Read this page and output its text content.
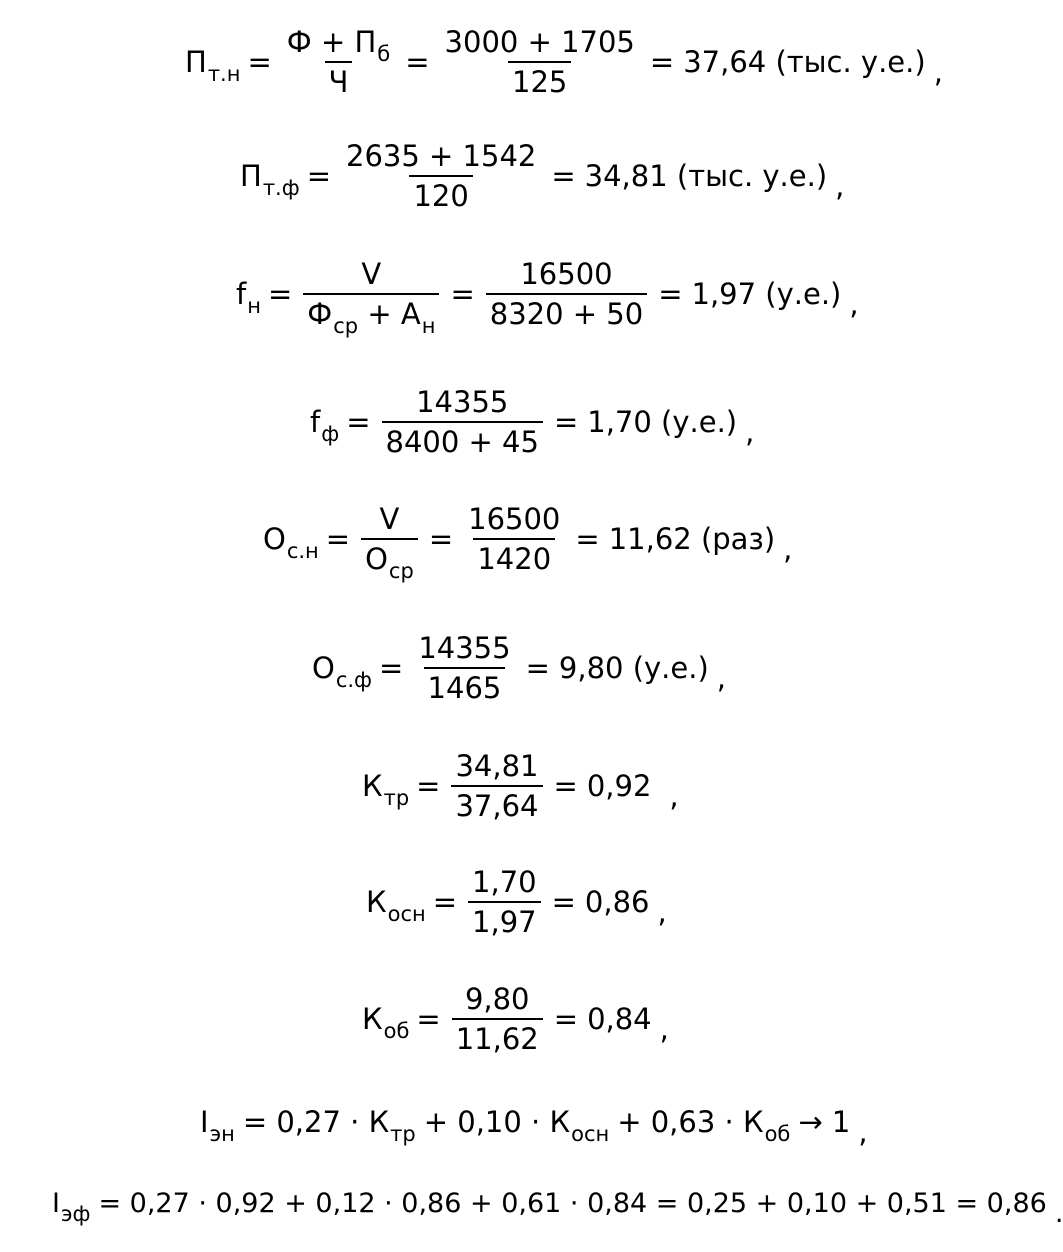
П $т.н = \frac{\text{Ф + П б}}{Ч} = \frac{3000 + 1705}{125} = 37,64$ (тыс. у.е.) ,
П $т.ф = \frac{2635 + 1542}{120} = 34,81$ (тыс. у.е.) ,
f н = V
Ф ср
+ А $н = \frac{16500}{8320 + 50} = 1,97$ (у.е.) ,
f $ф = \frac{14355}{8400 + 45} = 1,70$ (у.е.) ,
О $с.н = \frac{V}{\text{О ср}} = \frac{16500}{1420} = 11,62$ (раз) ,
О $с.ф = \frac{14355}{1465} = 9,80$ (у.е.) ,
К тр = $\frac{34,81}{37,64} = 0,92$ ,
К осн = $\frac{1,70}{1,97} = 0,86$ ,
К об = $\frac{9,80}{11,62} = 0,84$ ,
I эн = 0,27 · К тр + 0,10 · К осн + 0,63 · К об → 1 ,
I эф = 0,27 · 0,92 + 0,12 · 0,86 + 0,61 · 0,84 = 0,25 + 0,10 + 0,51 = 0,86 .
